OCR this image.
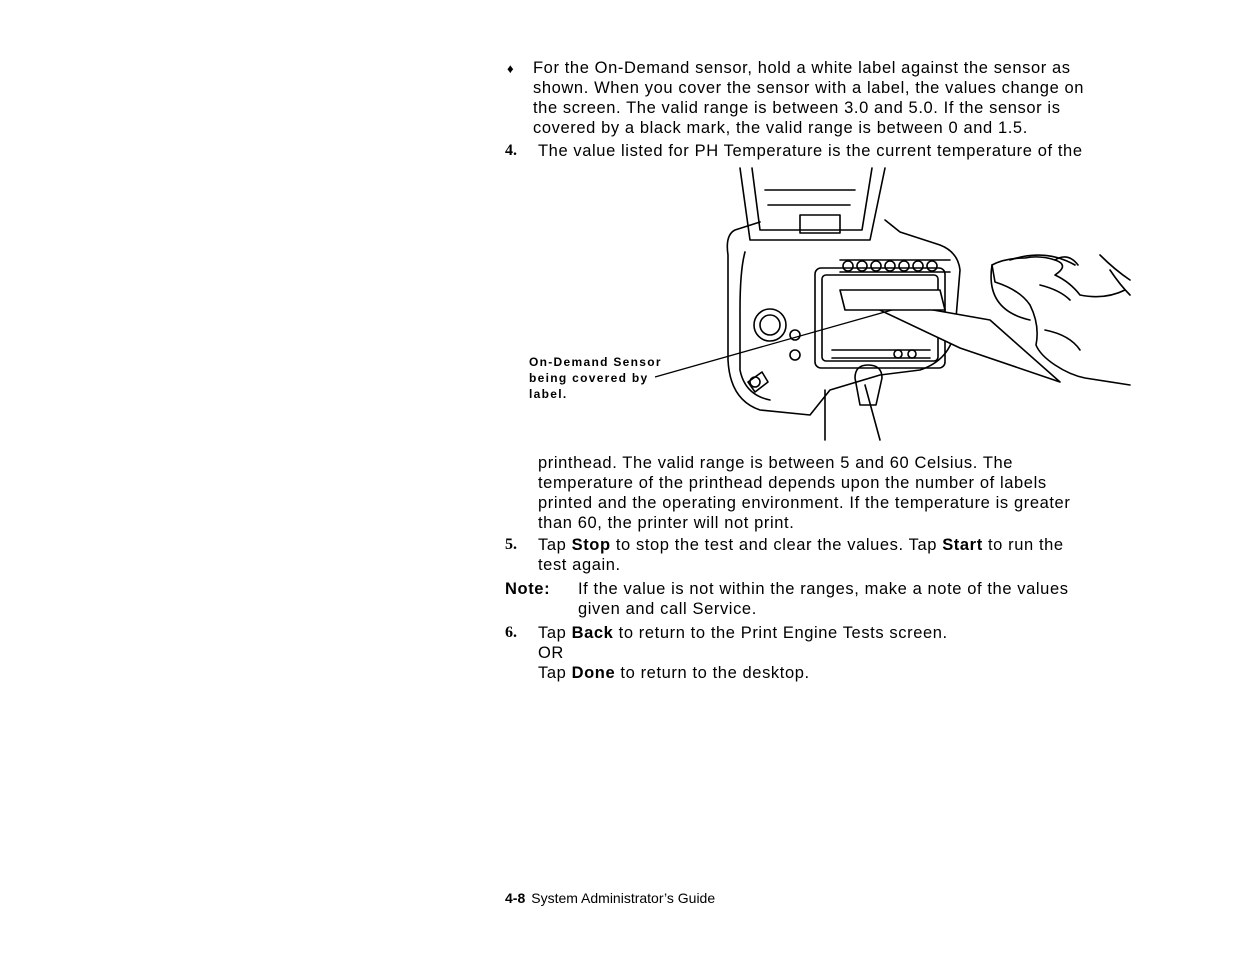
♦ For the On-Demand sensor, hold a white label against the sensor as
shown. When you cover the sensor with a label, the values change on
the screen. The valid range is between 3.0 and 5.0. If the sensor is
covered by a black mark, the valid range is between 0 and 1.5.
4. The value listed for PH Temperature is the current temperature of the
On-Demand Sensor
being covered by
label.
printhead. The valid range is between 5 and 60 Celsius. The
temperature of the printhead depends upon the number of labels
printed and the operating environment. If the temperature is greater
than 60, the printer will not print.
5. Tap Stop to stop the test and clear the values. Tap Start to run the
test again.
Note: If the value is not within the ranges, make a note of the values
given and call Service.
6. Tap Back to return to the Print Engine Tests screen.
OR
Tap Done to return to the desktop.
4-8 System Administrator’s Guide
